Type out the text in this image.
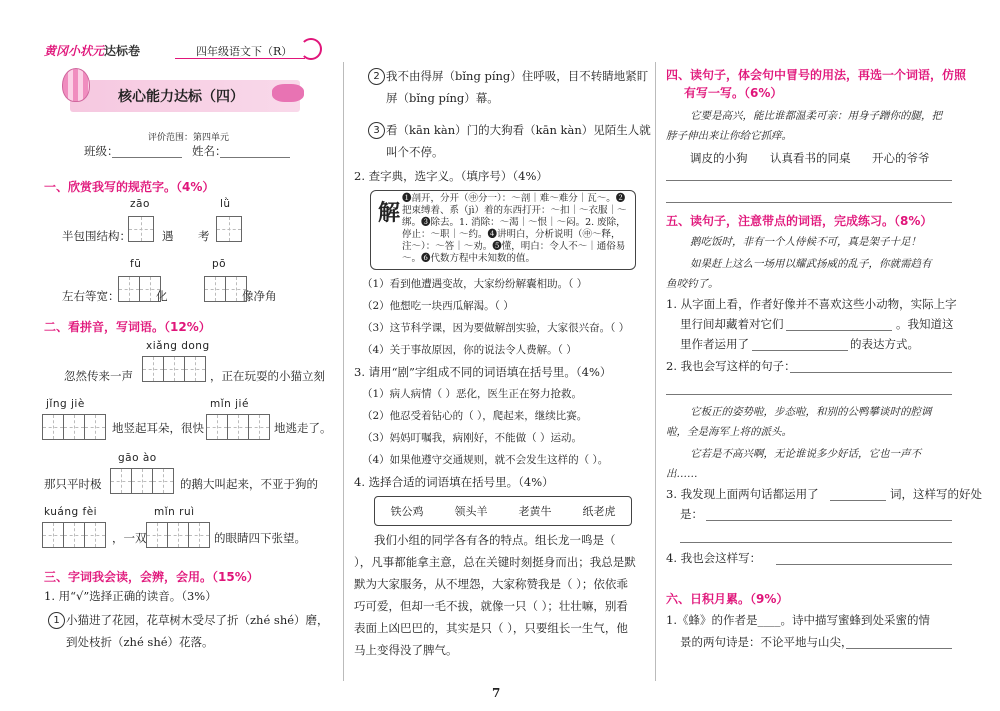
黄冈小状元 达标卷	四年级语文下（R）
核心能力达标（四）
评价范围：第四单元
班级：	姓名：
一、欣赏我写的规范字。（4%）
zāo	lǜ
半包围结构：	遇 考
fū	pō
左右等宽：	化	像净角
二、看拼音，写词语。（12%）
xiǎng dong
忽然传来一声	，正在玩耍的小猫立刻
jǐng jiè	mǐn jié
地竖起耳朵，很快	地逃走了。
gāo ào
那只平时极	的鹅大叫起来，不亚于狗的
kuáng fèi	mǐn ruì
，一双	的眼睛四下张望。
三、字词我会读，会辨，会用。（15%）
1. 用“√”选择正确的读音。（3%）
1 小猫进了花园，花草树木受尽了折（zhé shé）磨，
到处枝折（zhé shé）花落。
2 我不由得屏（bǐng píng）住呼吸，目不转睛地紧盯
屏（bǐng píng）幕。
3 看（kān kàn）门的大狗看（kān kàn）见陌生人就
叫个不停。
2. 查字典，选字义。（填序号）（4%）
解
❶剖开，分开（㊥分一）：～剖｜难～难分｜瓦～。❷把束缚着、系（jì）着的东西打开：～扣｜～衣服｜～绑。❸除去。1. 消除：～渴｜～恨｜～闷。2. 废除，停止：～职｜～约。❹讲明白，分析说明（㊥～释，注～）：～答｜～劝。❺懂，明白：令人不～｜通俗易～。❻代数方程中未知数的值。
（1）看到他遭遇变故，大家纷纷解囊相助。（ ）
（2）他想吃一块西瓜解渴。（ ）
（3）这节科学课，因为要做解剖实验，大家很兴奋。（ ）
（4）关于事故原因，你的说法令人费解。（ ）
3. 请用“剧”字组成不同的词语填在括号里。（4%）
（1）病人病情（ ）恶化，医生正在努力抢救。
（2）他忍受着钻心的（ ），爬起来，继续比赛。
（3）妈妈叮嘱我，病刚好，不能做（ ）运动。
（4）如果他遵守交通规则，就不会发生这样的（ ）。
4. 选择合适的词语填在括号里。（4%）
铁公鸡	领头羊	老黄牛	纸老虎
我们小组的同学各有各的特点。组长龙一鸣是（
），凡事都能拿主意，总在关键时刻挺身而出；我总是默
默为大家服务，从不埋怨，大家称赞我是（ ）；依依乖
巧可爱，但却一毛不拔，就像一只（ ）；壮壮嘛，别看
表面上凶巴巴的，其实是只（ ），只要组长一生气，他
马上变得没了脾气。
四、读句子，体会句中冒号的用法，再选一个词语，仿照
有写一写。（6%）
它要是高兴，能比谁都温柔可亲：用身子蹭你的腿，把
脖子伸出来让你给它抓痒。
调皮的小狗 认真看书的同桌 开心的爷爷
五、读句子，注意带点的词语，完成练习。（8%）
鹅吃饭时，非有一个人侍候不可，真是架子十足！
如果赶上这么一场用以耀武扬威的乱子，你就需趋有
鱼咬钓了。
1. 从字面上看，作者好像并不喜欢这些小动物，实际上字
里行间却藏着对它们	。我知道这
里作者运用了	的表达方式。
2. 我也会写这样的句子：
它板正的姿势啦，步态啦，和别的公鸭攀谈时的腔调
啦，全是海军上将的派头。
它若是不高兴啊，无论谁说多少好话，它也一声不
出……
3. 我发现上面两句话都运用了	词，这样写的好处
是：
4. 我也会这样写：
六、日积月累。（9%）
1.《蜂》的作者是____。诗中描写蜜蜂到处采蜜的情
景的两句诗是：不论平地与山尖，
7
